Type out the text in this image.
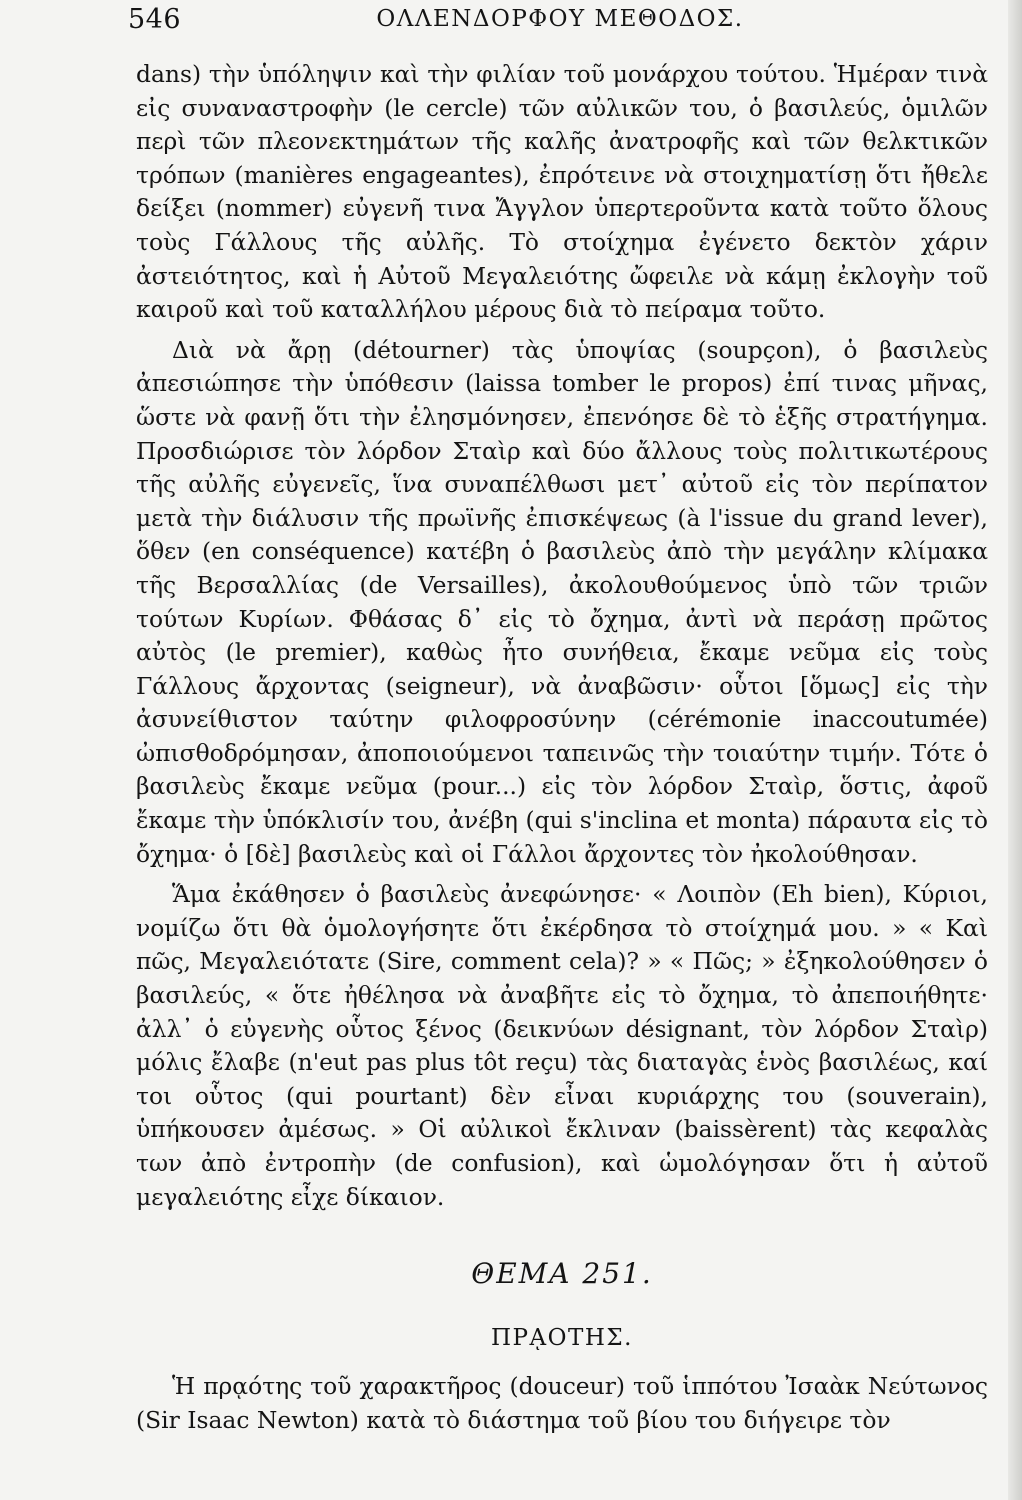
546	ΟΛΛΕΝΔΟΡΦΟΥ ΜΕΘΟΔΟΣ.

dans) τὴν ὑπόληψιν καὶ τὴν φιλίαν τοῦ μονάρχου τούτου. Ἡμέραν τινὰ εἰς συναναστροφὴν (le cercle) τῶν αὐλικῶν του, ὁ βασιλεύς, ὁμιλῶν περὶ τῶν πλεονεκτημάτων τῆς καλῆς ἀνατροφῆς καὶ τῶν θελκτικῶν τρόπων (manières engageantes), ἐπρότεινε νὰ στοιχηματίσῃ ὅτι ἤθελε δείξει (nommer) εὐγενῆ τινα Ἄγγλον ὑπερτεροῦντα κατὰ τοῦτο ὅλους τοὺς Γάλλους τῆς αὐλῆς. Τὸ στοίχημα ἐγένετο δεκτὸν χάριν ἀστειότητος, καὶ ἡ Αὐτοῦ Μεγαλειότης ὤφειλε νὰ κάμῃ ἐκλογὴν τοῦ καιροῦ καὶ τοῦ καταλλήλου μέρους διὰ τὸ πείραμα τοῦτο.

Διὰ νὰ ἄρῃ (détourner) τὰς ὑποψίας (soupçon), ὁ βασιλεὺς ἀπεσιώπησε τὴν ὑπόθεσιν (laissa tomber le propos) ἐπί τινας μῆνας, ὥστε νὰ φανῇ ὅτι τὴν ἐλησμόνησεν, ἐπενόησε δὲ τὸ ἑξῆς στρατήγημα. Προσδιώρισε τὸν λόρδον Σταὶρ καὶ δύο ἄλλους τοὺς πολιτικωτέρους τῆς αὐλῆς εὐγενεῖς, ἵνα συναπέλθωσι μετ᾽ αὐτοῦ εἰς τὸν περίπατον μετὰ τὴν διάλυσιν τῆς πρωϊνῆς ἐπισκέψεως (à l'issue du grand lever), ὅθεν (en conséquence) κατέβη ὁ βασιλεὺς ἀπὸ τὴν μεγάλην κλίμακα τῆς Βερσαλλίας (de Versailles), ἀκολουθούμενος ὑπὸ τῶν τριῶν τούτων Κυρίων. Φθάσας δ᾽ εἰς τὸ ὄχημα, ἀντὶ νὰ περάσῃ πρῶτος αὐτὸς (le premier), καθὼς ἦτο συνήθεια, ἔκαμε νεῦμα εἰς τοὺς Γάλλους ἄρχοντας (seigneur), νὰ ἀναβῶσιν· οὗτοι [ὅμως] εἰς τὴν ἀσυνείθιστον ταύτην φιλοφροσύνην (cérémonie inaccoutumée) ὠπισθοδρόμησαν, ἀποποιούμενοι ταπεινῶς τὴν τοιαύτην τιμήν. Τότε ὁ βασιλεὺς ἔκαμε νεῦμα (pour...) εἰς τὸν λόρδον Σταὶρ, ὅστις, ἀφοῦ ἔκαμε τὴν ὑπόκλισίν του, ἀνέβη (qui s'inclina et monta) πάραυτα εἰς τὸ ὄχημα· ὁ [δὲ] βασιλεὺς καὶ οἱ Γάλλοι ἄρχοντες τὸν ἠκολούθησαν.

Ἅμα ἐκάθησεν ὁ βασιλεὺς ἀνεφώνησε· « Λοιπὸν (Eh bien), Κύριοι, νομίζω ὅτι θὰ ὁμολογήσητε ὅτι ἐκέρδησα τὸ στοίχημά μου. » « Καὶ πῶς, Μεγαλειότατε (Sire, comment cela)? » « Πῶς; » ἐξηκολούθησεν ὁ βασιλεύς, « ὅτε ἠθέλησα νὰ ἀναβῆτε εἰς τὸ ὄχημα, τὸ ἀπεποιήθητε· ἀλλ᾽ ὁ εὐγενὴς οὗτος ξένος (δεικνύων désignant, τὸν λόρδον Σταὶρ) μόλις ἔλαβε (n'eut pas plus tôt reçu) τὰς διαταγὰς ἑνὸς βασιλέως, καί τοι οὗτος (qui pourtant) δὲν εἶναι κυριάρχης του (souverain), ὑπήκουσεν ἀμέσως. » Οἱ αὐλικοὶ ἔκλιναν (baissèrent) τὰς κεφαλὰς των ἀπὸ ἐντροπὴν (de confusion), καὶ ὡμολόγησαν ὅτι ἡ αὐτοῦ μεγαλειότης εἶχε δίκαιον.

ΘΕΜΑ 251.
ΠΡᾼΟΤΗΣ.

Ἡ πρᾳότης τοῦ χαρακτῆρος (douceur) τοῦ ἱππότου Ἰσαὰκ Νεύτωνος (Sir Isaac Newton) κατὰ τὸ διάστημα τοῦ βίου του διήγειρε τὸν
